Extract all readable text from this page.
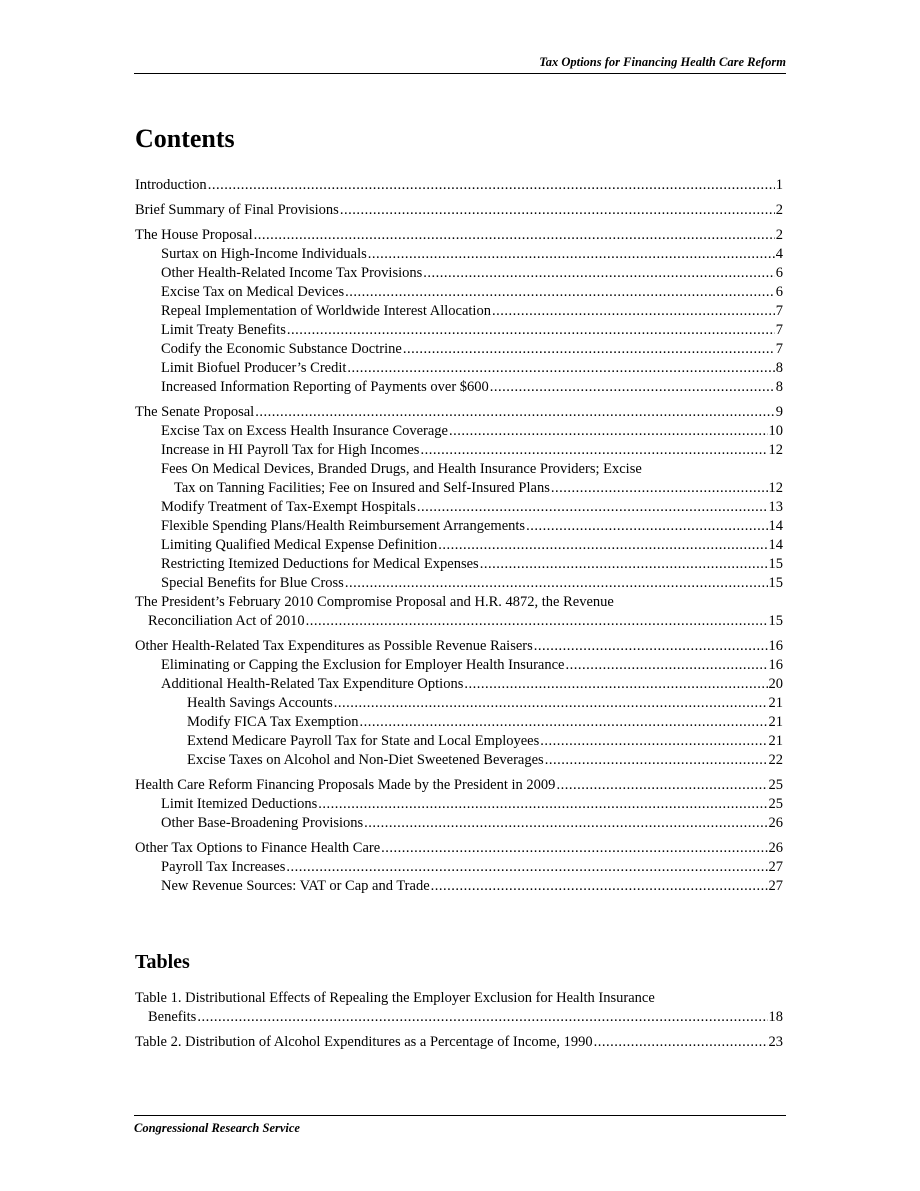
Tax Options for Financing Health Care Reform
Contents
Introduction .....	1
Brief Summary of Final Provisions .....	2
The House Proposal .....	2
Surtax on High-Income Individuals .....	4
Other Health-Related Income Tax Provisions .....	6
Excise Tax on Medical Devices .....	6
Repeal Implementation of Worldwide Interest Allocation .....	7
Limit Treaty Benefits .....	7
Codify the Economic Substance Doctrine .....	7
Limit Biofuel Producer’s Credit .....	8
Increased Information Reporting of Payments over $600 .....	8
The Senate Proposal .....	9
Excise Tax on Excess Health Insurance Coverage .....	10
Increase in HI Payroll Tax for High Incomes .....	12
Fees On Medical Devices, Branded Drugs, and Health Insurance Providers; Excise
Tax on Tanning Facilities; Fee on Insured and Self-Insured Plans .....	12
Modify Treatment of Tax-Exempt Hospitals .....	13
Flexible Spending Plans/Health Reimbursement Arrangements .....	14
Limiting Qualified Medical Expense Definition .....	14
Restricting Itemized Deductions for Medical Expenses .....	15
Special Benefits for Blue Cross .....	15
The President’s February 2010 Compromise Proposal and H.R. 4872, the Revenue
Reconciliation Act of 2010 .....	15
Other Health-Related Tax Expenditures as Possible Revenue Raisers .....	16
Eliminating or Capping the Exclusion for Employer Health Insurance .....	16
Additional Health-Related Tax Expenditure Options .....	20
Health Savings Accounts .....	21
Modify FICA Tax Exemption .....	21
Extend Medicare Payroll Tax for State and Local Employees .....	21
Excise Taxes on Alcohol and Non-Diet Sweetened Beverages .....	22
Health Care Reform Financing Proposals Made by the President in 2009 .....	25
Limit Itemized Deductions .....	25
Other Base-Broadening Provisions .....	26
Other Tax Options to Finance Health Care .....	26
Payroll Tax Increases .....	27
New Revenue Sources: VAT or Cap and Trade .....	27
Tables
Table 1. Distributional Effects of Repealing the Employer Exclusion for Health Insurance
Benefits .....	18
Table 2. Distribution of Alcohol Expenditures as a Percentage of Income, 1990 .....	23
Congressional Research Service
